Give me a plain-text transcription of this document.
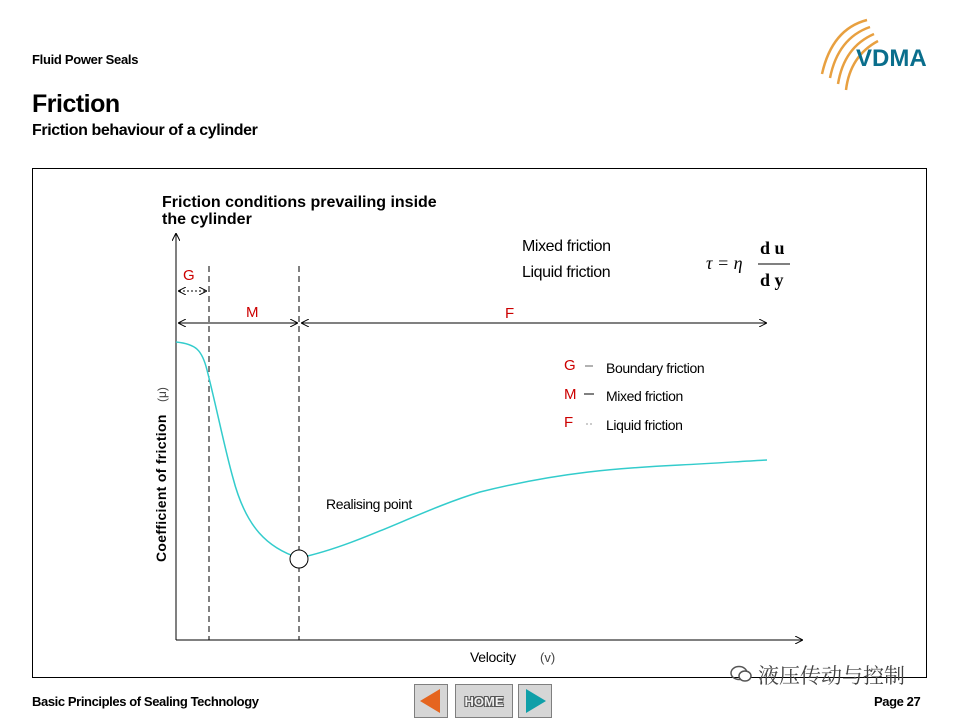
VDMA
Fluid Power Seals
Friction
Friction behaviour of a cylinder
Friction conditions prevailing inside
the cylinder
G
M	F
Mixed friction
Liquid friction	τ = η
d u
d y
Realising point
G Boundary friction
M Mixed friction
F Liquid friction
Coefficient of friction
(μ)
Velocity (v)
Basic Principles of Sealing Technology	HOME
液压传动与控制
Page 27
